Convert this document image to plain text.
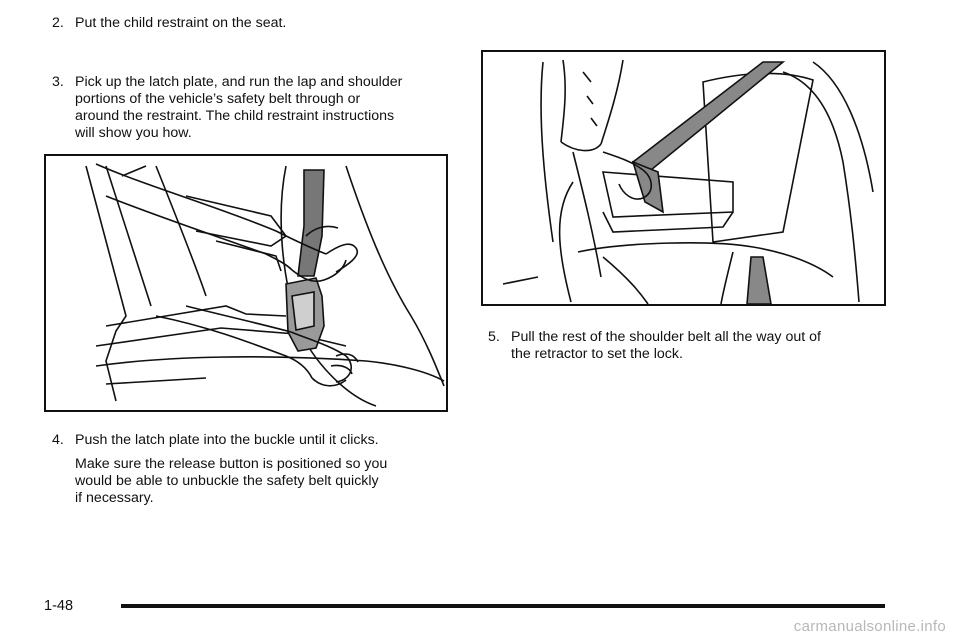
2. Put the child restraint on the seat.
3. Pick up the latch plate, and run the lap and shoulder
portions of the vehicle’s safety belt through or
around the restraint. The child restraint instructions
will show you how.
4. Push the latch plate into the buckle until it clicks.
Make sure the release button is positioned so you
would be able to unbuckle the safety belt quickly
if necessary.
5. Pull the rest of the shoulder belt all the way out of
the retractor to set the lock.
1-48
carmanualsonline.info
